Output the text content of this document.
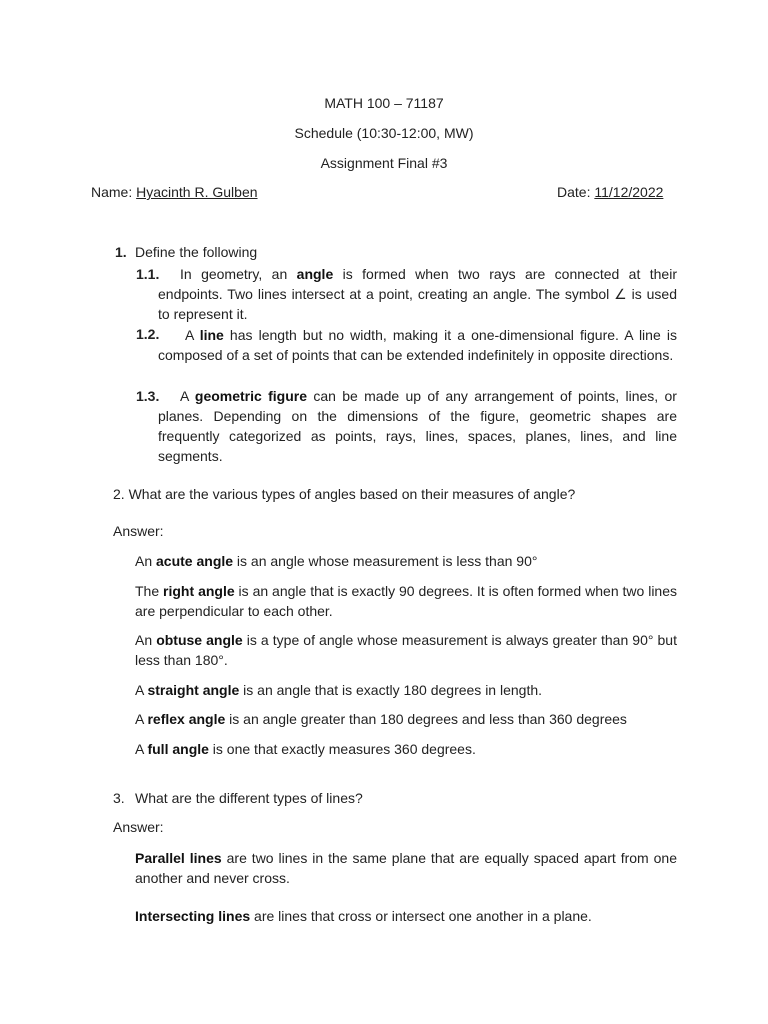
MATH 100 – 71187
Schedule (10:30-12:00, MW)
Assignment Final #3
Name: Hyacinth R. Gulben	Date: 11/12/2022
1. Define the following
1.1.	In geometry, an angle is formed when two rays are connected at their endpoints. Two lines intersect at a point, creating an angle. The symbol ∠ is used to represent it.
1.2.	A line has length but no width, making it a one-dimensional figure. A line is composed of a set of points that can be extended indefinitely in opposite directions.
1.3.	A geometric figure can be made up of any arrangement of points, lines, or planes. Depending on the dimensions of the figure, geometric shapes are frequently categorized as points, rays, lines, spaces, planes, lines, and line segments.
2. What are the various types of angles based on their measures of angle?
Answer:
An acute angle is an angle whose measurement is less than 90°
The right angle is an angle that is exactly 90 degrees. It is often formed when two lines are perpendicular to each other.
An obtuse angle is a type of angle whose measurement is always greater than 90° but less than 180°.
A straight angle is an angle that is exactly 180 degrees in length.
A reflex angle is an angle greater than 180 degrees and less than 360 degrees
A full angle is one that exactly measures 360 degrees.
3. What are the different types of lines?
Answer:
Parallel lines are two lines in the same plane that are equally spaced apart from one another and never cross.
Intersecting lines are lines that cross or intersect one another in a plane.
